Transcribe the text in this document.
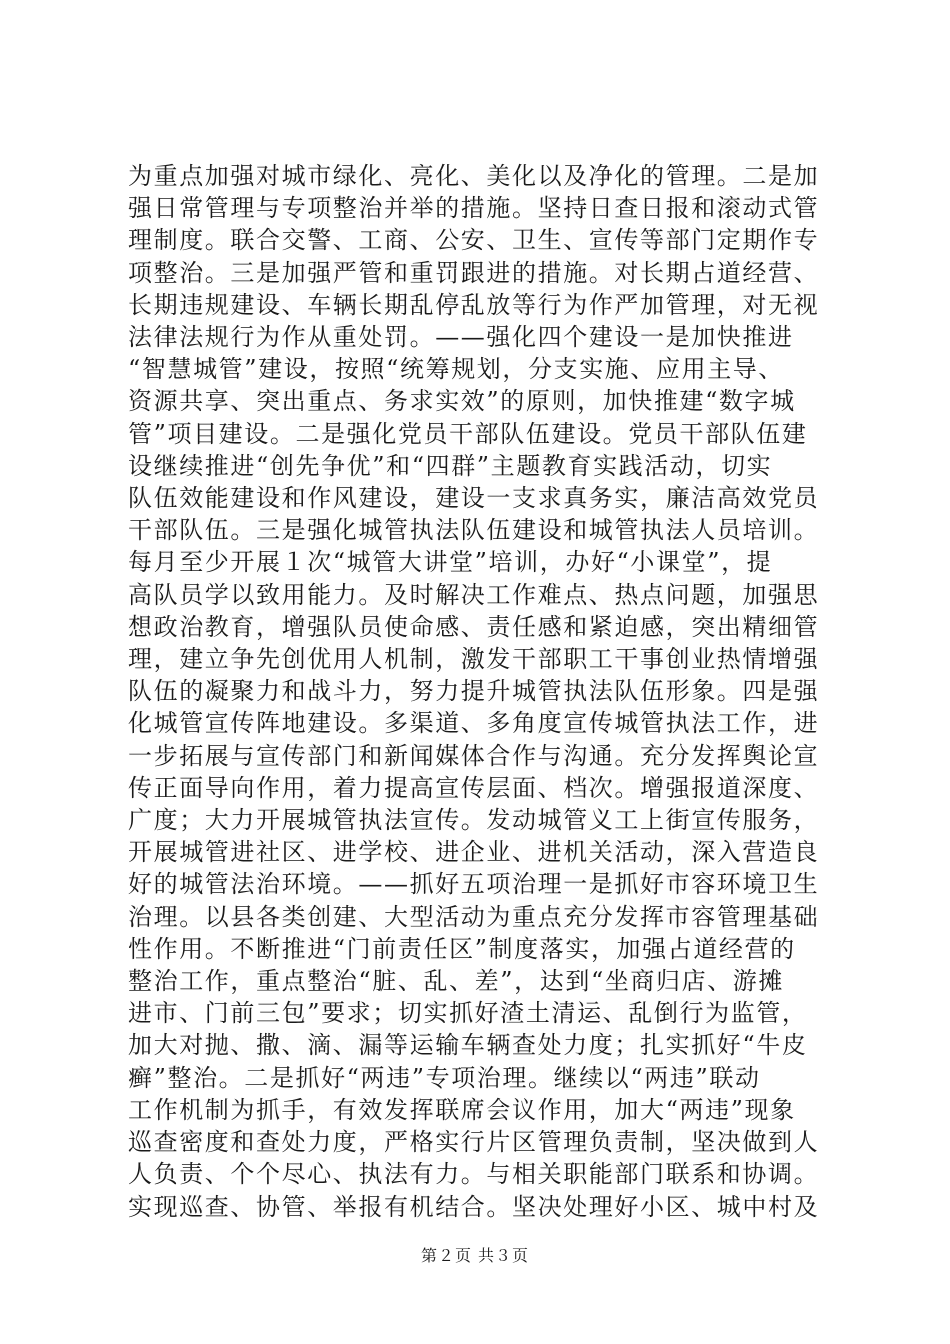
为重点加强对城市绿化、亮化、美化以及净化的管理。二是加
强日常管理与专项整治并举的措施。坚持日查日报和滚动式管
理制度。联合交警、工商、公安、卫生、宣传等部门定期作专
项整治。三是加强严管和重罚跟进的措施。对长期占道经营、
长期违规建设、车辆长期乱停乱放等行为作严加管理，对无视
法律法规行为作从重处罚。——强化四个建设一是加快推进
“智慧城管”建设，按照“统筹规划，分支实施、应用主导、
资源共享、突出重点、务求实效”的原则，加快推建“数字城
管”项目建设。二是强化党员干部队伍建设。党员干部队伍建
设继续推进“创先争优”和“四群”主题教育实践活动，切实
队伍效能建设和作风建设，建设一支求真务实，廉洁高效党员
干部队伍。三是强化城管执法队伍建设和城管执法人员培训。
每月至少开展１次“城管大讲堂”培训，办好“小课堂”，提
高队员学以致用能力。及时解决工作难点、热点问题，加强思
想政治教育，增强队员使命感、责任感和紧迫感，突出精细管
理，建立争先创优用人机制，激发干部职工干事创业热情增强
队伍的凝聚力和战斗力，努力提升城管执法队伍形象。四是强
化城管宣传阵地建设。多渠道、多角度宣传城管执法工作，进
一步拓展与宣传部门和新闻媒体合作与沟通。充分发挥舆论宣
传正面导向作用，着力提高宣传层面、档次。增强报道深度、
广度；大力开展城管执法宣传。发动城管义工上街宣传服务，
开展城管进社区、进学校、进企业、进机关活动，深入营造良
好的城管法治环境。——抓好五项治理一是抓好市容环境卫生
治理。以县各类创建、大型活动为重点充分发挥市容管理基础
性作用。不断推进“门前责任区”制度落实，加强占道经营的
整治工作，重点整治“脏、乱、差”，达到“坐商归店、游摊
进市、门前三包”要求；切实抓好渣土清运、乱倒行为监管，
加大对抛、撒、滴、漏等运输车辆查处力度；扎实抓好“牛皮
癣”整治。二是抓好“两违”专项治理。继续以“两违”联动
工作机制为抓手，有效发挥联席会议作用，加大“两违”现象
巡查密度和查处力度，严格实行片区管理负责制，坚决做到人
人负责、个个尽心、执法有力。与相关职能部门联系和协调。
实现巡查、协管、举报有机结合。坚决处理好小区、城中村及
第２页 共３页
